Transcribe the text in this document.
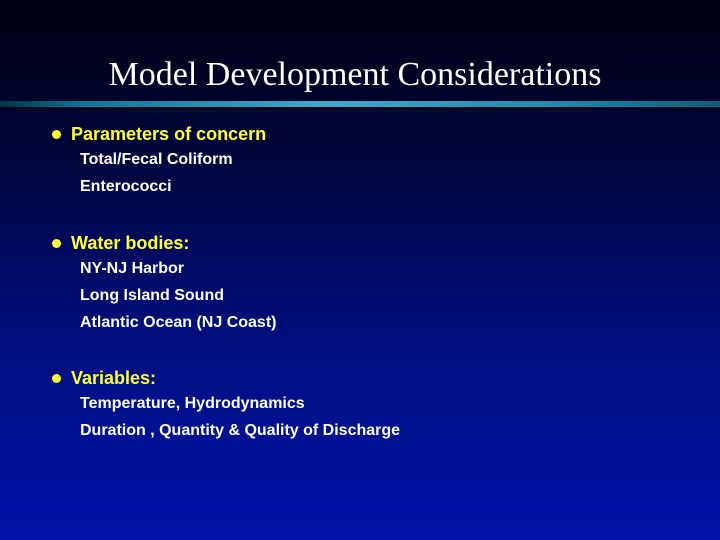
Model Development Considerations
Parameters of concern
Total/Fecal Coliform
Enterococci
Water bodies:
NY-NJ Harbor
Long Island Sound
Atlantic Ocean (NJ Coast)
Variables:
Temperature, Hydrodynamics
Duration , Quantity & Quality of Discharge
